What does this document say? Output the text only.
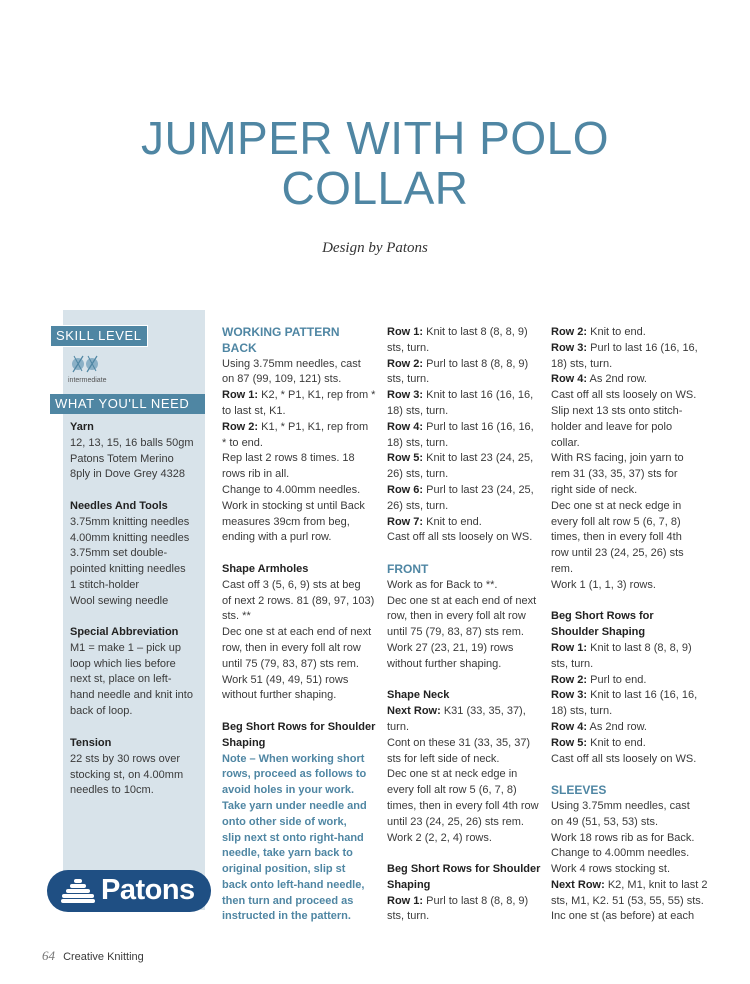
JUMPER WITH POLO
COLLAR
Design by Patons
SKILL LEVEL
intermediate
WHAT YOU'LL NEED
Yarn
12, 13, 15, 16 balls 50gm
Patons Totem Merino
8ply in Dove Grey 4328
Needles And Tools
3.75mm knitting needles
4.00mm knitting needles
3.75mm set double-
pointed knitting needles
1 stitch-holder
Wool sewing needle
Special Abbreviation
M1 = make 1 – pick up
loop which lies before
next st, place on left-
hand needle and knit into
back of loop.
Tension
22 sts by 30 rows over
stocking st, on 4.00mm
needles to 10cm.
Patons

WORKING PATTERN

BACK

Using 3.75mm needles, cast

on 87 (99, 109, 121) sts.

Row 1: K2, * P1, K1, rep from *

to last st, K1.

Row 2: K1, * P1, K1, rep from

* to end.

Rep last 2 rows 8 times. 18

rows rib in all.

Change to 4.00mm needles.

Work in stocking st until Back

measures 39cm from beg,

ending with a purl row.

Shape Armholes

Cast off 3 (5, 6, 9) sts at beg

of next 2 rows. 81 (89, 97, 103)

sts. **

Dec one st at each end of next

row, then in every foll alt row

until 75 (79, 83, 87) sts rem.

Work 51 (49, 49, 51) rows

without further shaping.

Beg Short Rows for Shoulder

Shaping

Note – When working short

rows, proceed as follows to

avoid holes in your work.

Take yarn under needle and

onto other side of work,

slip next st onto right-hand

needle, take yarn back to

original position, slip st

back onto left-hand needle,

then turn and proceed as

instructed in the pattern.

Row 1: Knit to last 8 (8, 8, 9)

sts, turn.

Row 2: Purl to last 8 (8, 8, 9)

sts, turn.

Row 3: Knit to last 16 (16, 16,

18) sts, turn.

Row 4: Purl to last 16 (16, 16,

18) sts, turn.

Row 5: Knit to last 23 (24, 25,

26) sts, turn.

Row 6: Purl to last 23 (24, 25,

26) sts, turn.

Row 7: Knit to end.

Cast off all sts loosely on WS.

FRONT

Work as for Back to **.

Dec one st at each end of next

row, then in every foll alt row

until 75 (79, 83, 87) sts rem.

Work 27 (23, 21, 19) rows

without further shaping.

Shape Neck

Next Row: K31 (33, 35, 37),

turn.

Cont on these 31 (33, 35, 37)

sts for left side of neck.

Dec one st at neck edge in

every foll alt row 5 (6, 7, 8)

times, then in every foll 4th row

until 23 (24, 25, 26) sts rem.

Work 2 (2, 2, 4) rows.

Beg Short Rows for Shoulder

Shaping

Row 1: Purl to last 8 (8, 8, 9)

sts, turn.

Row 2: Knit to end.

Row 3: Purl to last 16 (16, 16,

18) sts, turn.

Row 4: As 2nd row.

Cast off all sts loosely on WS.

Slip next 13 sts onto stitch-

holder and leave for polo

collar.

With RS facing, join yarn to

rem 31 (33, 35, 37) sts for

right side of neck.

Dec one st at neck edge in

every foll alt row 5 (6, 7, 8)

times, then in every foll 4th

row until 23 (24, 25, 26) sts

rem.

Work 1 (1, 1, 3) rows.

Beg Short Rows for

Shoulder Shaping

Row 1: Knit to last 8 (8, 8, 9)

sts, turn.

Row 2: Purl to end.

Row 3: Knit to last 16 (16, 16,

18) sts, turn.

Row 4: As 2nd row.

Row 5: Knit to end.

Cast off all sts loosely on WS.

SLEEVES

Using 3.75mm needles, cast

on 49 (51, 53, 53) sts.

Work 18 rows rib as for Back.

Change to 4.00mm needles.

Work 4 rows stocking st.

Next Row: K2, M1, knit to last 2

sts, M1, K2. 51 (53, 55, 55) sts.

Inc one st (as before) at each

64 Creative Knitting
